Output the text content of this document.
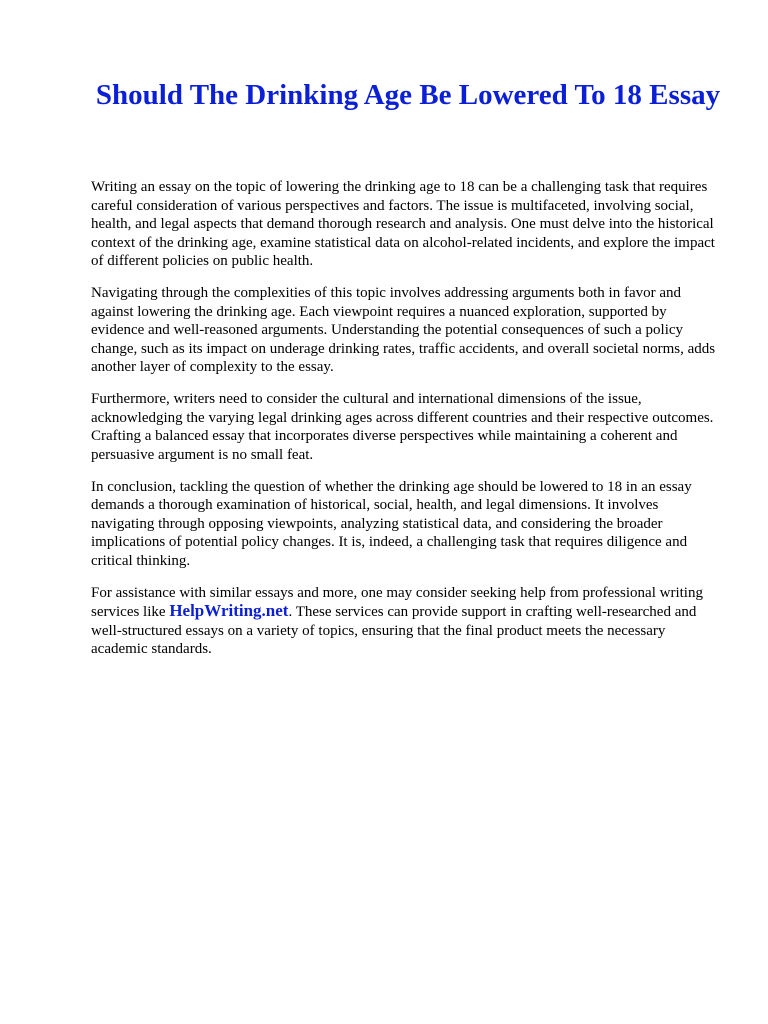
Should The Drinking Age Be Lowered To 18 Essay

Writing an essay on the topic of lowering the drinking age to 18 can be a challenging task that requires careful consideration of various perspectives and factors. The issue is multifaceted, involving social, health, and legal aspects that demand thorough research and analysis. One must delve into the historical context of the drinking age, examine statistical data on alcohol-related incidents, and explore the impact of different policies on public health.

Navigating through the complexities of this topic involves addressing arguments both in favor and against lowering the drinking age. Each viewpoint requires a nuanced exploration, supported by evidence and well-reasoned arguments. Understanding the potential consequences of such a policy change, such as its impact on underage drinking rates, traffic accidents, and overall societal norms, adds another layer of complexity to the essay.

Furthermore, writers need to consider the cultural and international dimensions of the issue, acknowledging the varying legal drinking ages across different countries and their respective outcomes. Crafting a balanced essay that incorporates diverse perspectives while maintaining a coherent and persuasive argument is no small feat.

In conclusion, tackling the question of whether the drinking age should be lowered to 18 in an essay demands a thorough examination of historical, social, health, and legal dimensions. It involves navigating through opposing viewpoints, analyzing statistical data, and considering the broader implications of potential policy changes. It is, indeed, a challenging task that requires diligence and critical thinking.

For assistance with similar essays and more, one may consider seeking help from professional writing services like HelpWriting.net. These services can provide support in crafting well-researched and well-structured essays on a variety of topics, ensuring that the final product meets the necessary academic standards.
